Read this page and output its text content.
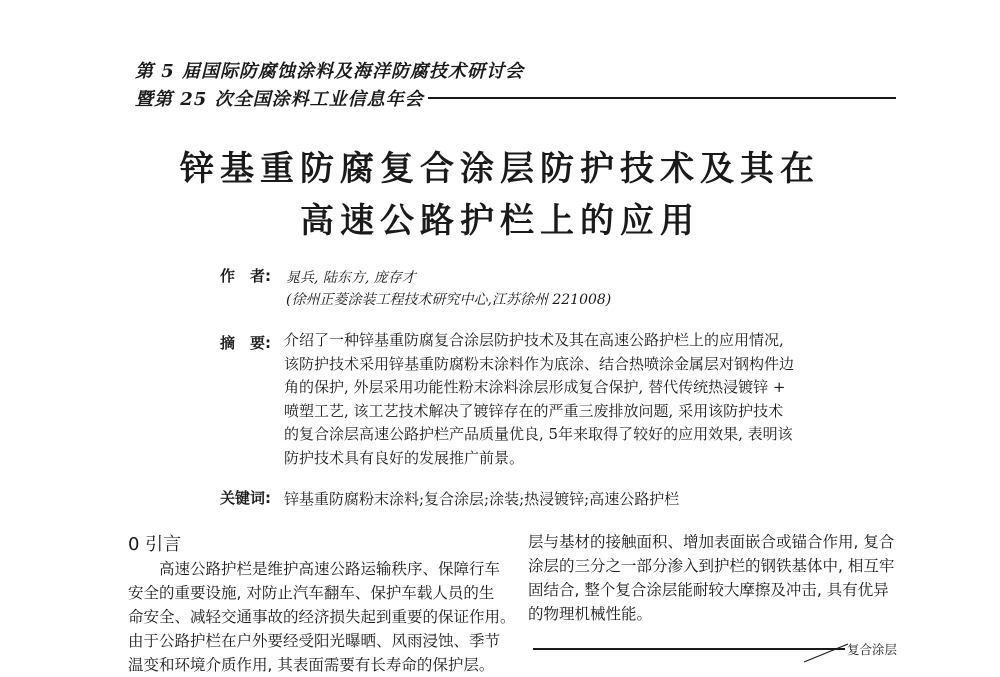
第 5 届国际防腐蚀涂料及海洋防腐技术研讨会
暨第 25 次全国涂料工业信息年会
锌基重防腐复合涂层防护技术及其在
高速公路护栏上的应用
作　者: 晁兵, 陆东方, 庞存才
(徐州正菱涂装工程技术研究中心,江苏徐州 221008)
摘　要: 介绍了一种锌基重防腐复合涂层防护技术及其在高速公路护栏上的应用情况,
该防护技术采用锌基重防腐粉末涂料作为底涂、结合热喷涂金属层对钢构件边
角的保护, 外层采用功能性粉末涂料涂层形成复合保护, 替代传统热浸镀锌 +
喷塑工艺, 该工艺技术解决了镀锌存在的严重三废排放问题, 采用该防护技术
的复合涂层高速公路护栏产品质量优良, 5年来取得了较好的应用效果, 表明该
防护技术具有良好的发展推广前景。
关键词: 锌基重防腐粉末涂料;复合涂层;涂装;热浸镀锌;高速公路护栏
0 引言
　　高速公路护栏是维护高速公路运输秩序、保障行车
安全的重要设施, 对防止汽车翻车、保护车载人员的生
命安全、减轻交通事故的经济损失起到重要的保证作用。
由于公路护栏在户外要经受阳光曝晒、风雨浸蚀、季节
温变和环境介质作用, 其表面需要有长寿命的保护层。
层与基材的接触面积、增加表面嵌合或锚合作用, 复合
涂层的三分之一部分渗入到护栏的钢铁基体中, 相互牢
固结合, 整个复合涂层能耐较大摩擦及冲击, 具有优异
的物理机械性能。
复合涂层
